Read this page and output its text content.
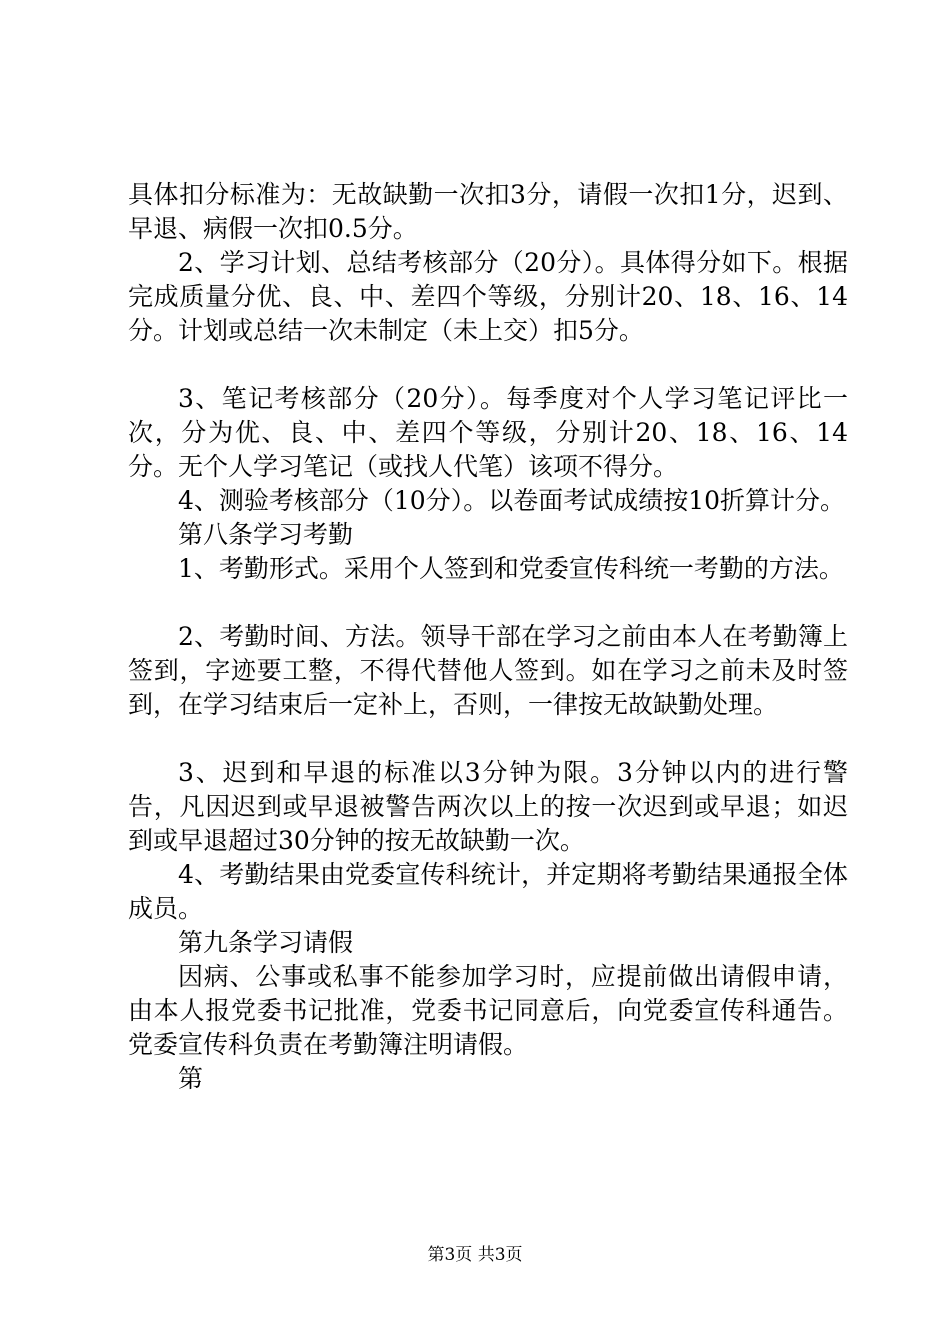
具体扣分标准为：无故缺勤一次扣3分，请假一次扣1分，迟到、早退、病假一次扣0.5分。

2、学习计划、总结考核部分（20分）。具体得分如下。根据完成质量分优、良、中、差四个等级，分别计20、18、16、14分。计划或总结一次未制定（未上交）扣5分。

3、笔记考核部分（20分）。每季度对个人学习笔记评比一次，分为优、良、中、差四个等级，分别计20、18、16、14分。无个人学习笔记（或找人代笔）该项不得分。

4、测验考核部分（10分）。以卷面考试成绩按10折算计分。

第八条学习考勤

1、考勤形式。采用个人签到和党委宣传科统一考勤的方法。

2、考勤时间、方法。领导干部在学习之前由本人在考勤簿上签到，字迹要工整，不得代替他人签到。如在学习之前未及时签到，在学习结束后一定补上，否则，一律按无故缺勤处理。

3、迟到和早退的标准以3分钟为限。3分钟以内的进行警告，凡因迟到或早退被警告两次以上的按一次迟到或早退；如迟到或早退超过30分钟的按无故缺勤一次。

4、考勤结果由党委宣传科统计，并定期将考勤结果通报全体成员。

第九条学习请假

因病、公事或私事不能参加学习时，应提前做出请假申请，由本人报党委书记批准，党委书记同意后，向党委宣传科通告。党委宣传科负责在考勤簿注明请假。

第

第3页 共3页
